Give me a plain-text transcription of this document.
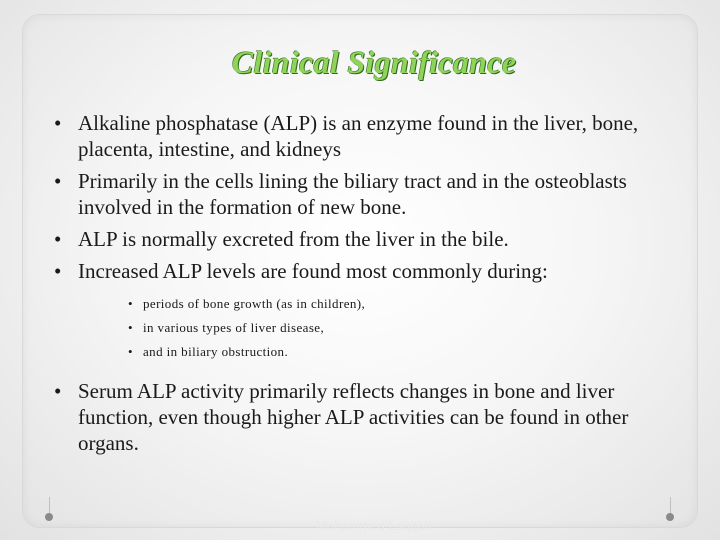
Clinical Significance
• Alkaline phosphatase (ALP) is an enzyme found in the liver, bone, placenta, intestine, and kidneys
• Primarily in the cells lining the biliary tract and in the osteoblasts involved in the formation of new bone.
• ALP is normally excreted from the liver in the bile.
• Increased ALP levels are found most commonly during:
• periods of bone growth (as in children),
• in various types of liver disease,
• and in biliary obstruction.
• Serum ALP activity primarily reflects changes in bone and liver function, even though higher ALP activities can be found in other organs.
Mohammed Laqqan
